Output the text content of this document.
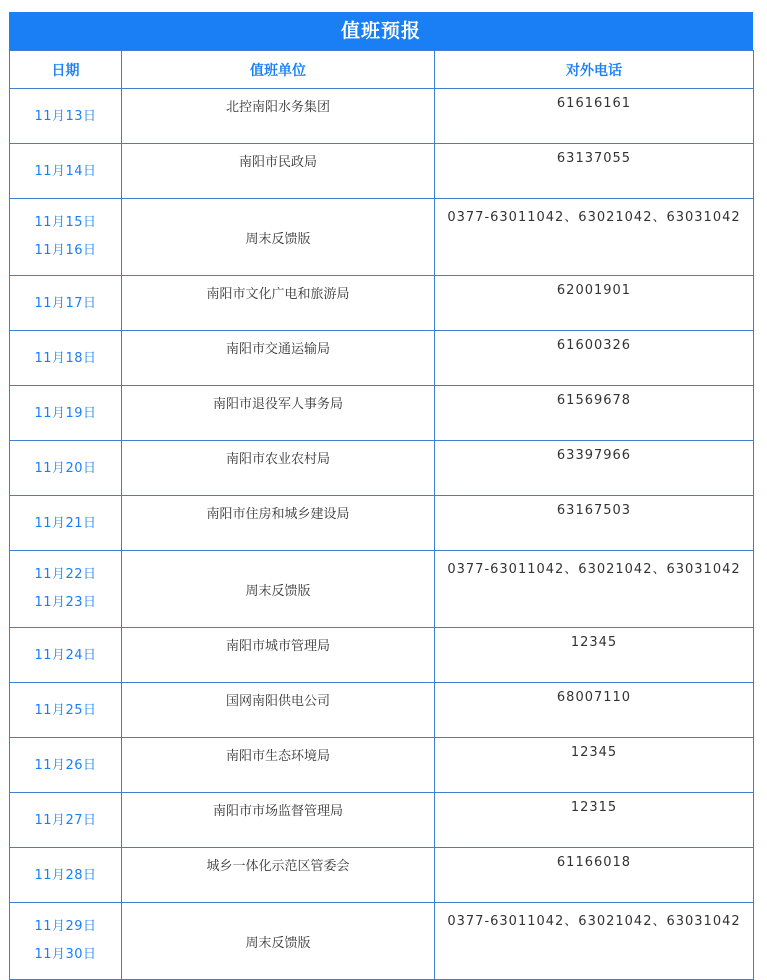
值班预报
日期	值班单位	对外电话

11月13日	北控南阳水务集团	61616161

11月14日	南阳市民政局	63137055

11月15日
11月16日	周末反馈版	0377-63011042、63021042、63031042

11月17日	南阳市文化广电和旅游局	62001901

11月18日	南阳市交通运输局	61600326

11月19日	南阳市退役军人事务局	61569678

11月20日	南阳市农业农村局	63397966

11月21日	南阳市住房和城乡建设局	63167503

11月22日
11月23日	周末反馈版	0377-63011042、63021042、63031042

11月24日	南阳市城市管理局	12345

11月25日	国网南阳供电公司	68007110

11月26日	南阳市生态环境局	12345

11月27日	南阳市市场监督管理局	12315

11月28日	城乡一体化示范区管委会	61166018

11月29日
11月30日	周末反馈版	0377-63011042、63021042、63031042
